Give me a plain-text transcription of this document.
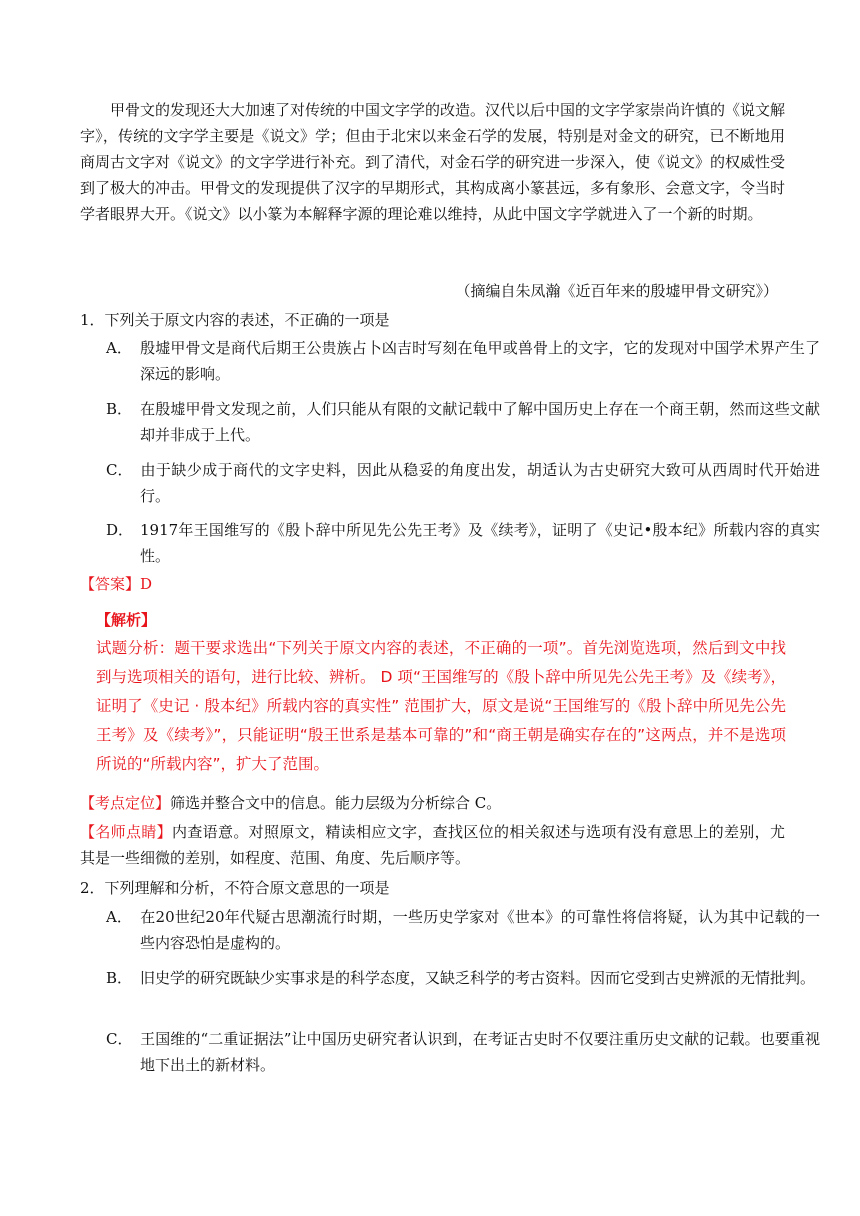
甲骨文的发现还大大加速了对传统的中国文字学的改造。汉代以后中国的文字学家崇尚许慎的《说文解字》，传统的文字学主要是《说文》学；但由于北宋以来金石学的发展，特别是对金文的研究，已不断地用商周古文字对《说文》的文字学进行补充。到了清代，对金石学的研究进一步深入，使《说文》的权威性受到了极大的冲击。甲骨文的发现提供了汉字的早期形式，其构成离小篆甚远，多有象形、会意文字，令当时学者眼界大开。《说文》以小篆为本解释字源的理论难以维持，从此中国文字学就进入了一个新的时期。

（摘编自朱凤瀚《近百年来的殷墟甲骨文研究》）

1．下列关于原文内容的表述，不正确的一项是

A． 殷墟甲骨文是商代后期王公贵族占卜凶吉时写刻在龟甲或兽骨上的文字，它的发现对中国学术界产生了深远的影响。

B． 在殷墟甲骨文发现之前，人们只能从有限的文献记载中了解中国历史上存在一个商王朝，然而这些文献却并非成于上代。

C． 由于缺少成于商代的文字史料，因此从稳妥的角度出发，胡适认为古史研究大致可从西周时代开始进行。

D． 1917年王国维写的《殷卜辞中所见先公先王考》及《续考》，证明了《史记•殷本纪》所载内容的真实性。

【答案】D

【解析】

试题分析：题干要求选出“下列关于原文内容的表述，不正确的一项”。首先浏览选项，然后到文中找到与选项相关的语句，进行比较、辨析。 D 项“王国维写的《殷卜辞中所见先公先王考》及《续考》，证明了《史记 · 殷本纪》所载内容的真实性” 范围扩大，原文是说“王国维写的《殷卜辞中所见先公先王考》及《续考》”，只能证明“殷王世系是基本可靠的”和“商王朝是确实存在的”这两点，并不是选项所说的“所载内容”，扩大了范围。

【考点定位】筛选并整合文中的信息。能力层级为分析综合 C。

【名师点睛】内查语意。对照原文，精读相应文字，查找区位的相关叙述与选项有没有意思上的差别，尤其是一些细微的差别，如程度、范围、角度、先后顺序等。

2．下列理解和分析，不符合原文意思的一项是

A． 在20世纪20年代疑古思潮流行时期，一些历史学家对《世本》的可靠性将信将疑，认为其中记载的一些内容恐怕是虚构的。

B． 旧史学的研究既缺少实事求是的科学态度，又缺乏科学的考古资料。因而它受到古史辨派的无情批判。

C． 王国维的“二重证据法”让中国历史研究者认识到，在考证古史时不仅要注重历史文献的记载。也要重视地下出土的新材料。
